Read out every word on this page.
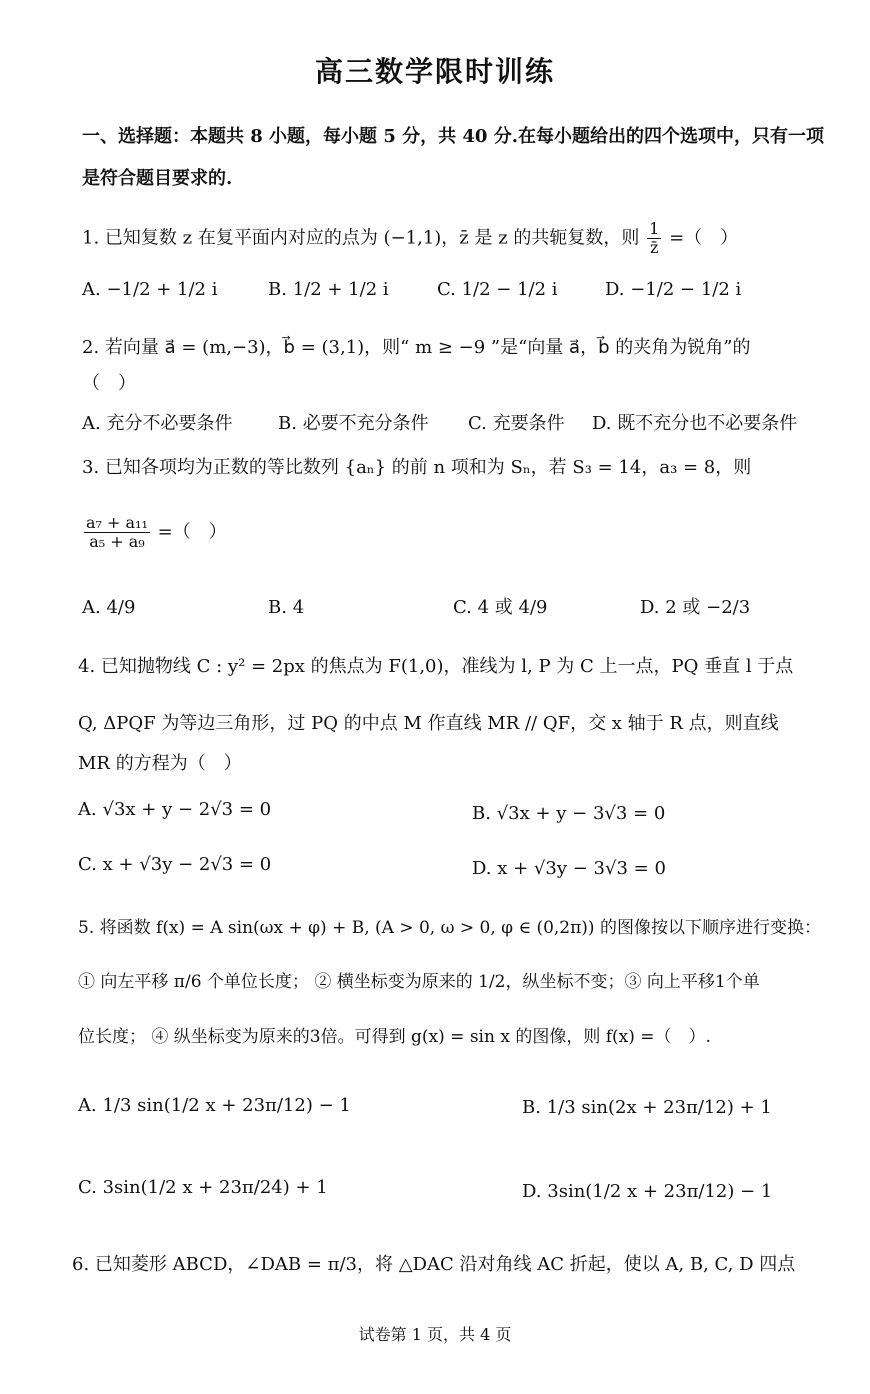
高三数学限时训练
一、选择题：本题共 8 小题，每小题 5 分，共 40 分.在每小题给出的四个选项中，只有一项
是符合题目要求的.
1. 已知复数 z 在复平面内对应的点为 (−1,1)，z̄ 是 z 的共轭复数，则 $\frac{1}{z̄}$ =（　）
A. −1/2 + 1/2 i	B. 1/2 + 1/2 i	C. 1/2 − 1/2 i	D. −1/2 − 1/2 i
2. 若向量 a⃗ = (m,−3)，b⃗ = (3,1)，则“ m ≥ −9 ”是“向量 a⃗，b⃗ 的夹角为锐角”的
（　）
A. 充分不必要条件	B. 必要不充分条件 C. 充要条件 D. 既不充分也不必要条件
3. 已知各项均为正数的等比数列 {aₙ} 的前 n 项和为 Sₙ，若 S₃ = 14，a₃ = 8，则
$\frac{\text{a₇ + a₁₁}}{\text{a₅ + a₉}}$ =（　）
A. 4/9	B. 4	C. 4 或 4/9	D. 2 或 −2/3
4. 已知抛物线 C : y² = 2px 的焦点为 F(1,0)，准线为 l, P 为 C 上一点，PQ 垂直 l 于点
Q, ΔPQF 为等边三角形，过 PQ 的中点 M 作直线 MR // QF，交 x 轴于 R 点，则直线
MR 的方程为（　）
A. √3x + y − 2√3 = 0	B. √3x + y − 3√3 = 0
C. x + √3y − 2√3 = 0	D. x + √3y − 3√3 = 0
5. 将函数 f(x) = A sin(ωx + φ) + B, (A > 0, ω > 0, φ ∈ (0,2π)) 的图像按以下顺序进行变换：
① 向左平移 π/6 个单位长度； ② 横坐标变为原来的 1/2，纵坐标不变；③ 向上平移1个单
位长度； ④ 纵坐标变为原来的3倍。可得到 g(x) = sin x 的图像，则 f(x) =（　）.
A. 1/3 sin(1/2 x + 23π/12) − 1	B. 1/3 sin(2x + 23π/12) + 1
C. 3sin(1/2 x + 23π/24) + 1	D. 3sin(1/2 x + 23π/12) − 1
6. 已知菱形 ABCD，∠DAB = π/3，将 △DAC 沿对角线 AC 折起，使以 A, B, C, D 四点
试卷第 1 页，共 4 页
